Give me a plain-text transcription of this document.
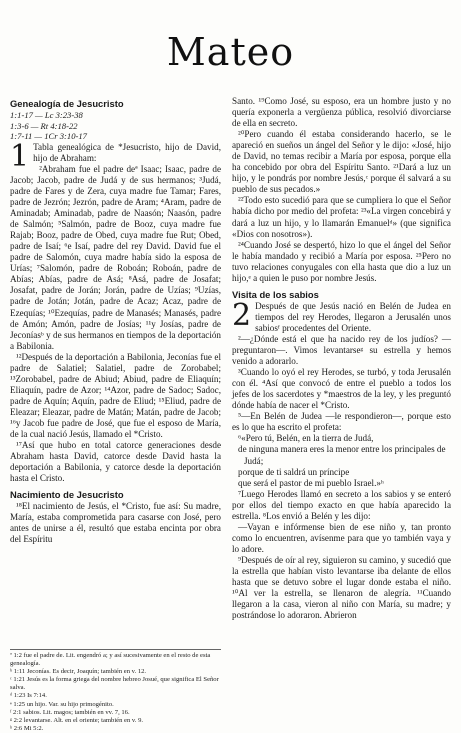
Mateo
Genealogía de Jesucristo
1:1-17 — Lc 3:23-38
1:3-6 — Rt 4:18-22
1:7-11 — 1Cr 3:10-17

1 Tabla genealógica de *Jesucristo, hijo de David, hijo de Abraham:

²Abraham fue el padre deª Isaac; Isaac, padre de Jacob; Jacob, padre de Judá y de sus hermanos; ³Judá, padre de Fares y de Zera, cuya madre fue Tamar; Fares, padre de Jezrón; Jezrón, padre de Aram; ⁴Aram, padre de Aminadab; Aminadab, padre de Naasón; Naasón, padre de Salmón; ⁵Salmón, padre de Booz, cuya madre fue Rajab; Booz, padre de Obed, cuya madre fue Rut; Obed, padre de Isaí; ⁶e Isaí, padre del rey David. David fue el padre de Salomón, cuya madre había sido la esposa de Urías; ⁷Salomón, padre de Roboán; Roboán, padre de Abías; Abías, padre de Asá; ⁸Asá, padre de Josafat; Josafat, padre de Jorán; Jorán, padre de Uzías; ⁹Uzías, padre de Jotán; Jotán, padre de Acaz; Acaz, padre de Ezequías; ¹⁰Ezequías, padre de Manasés; Manasés, padre de Amón; Amón, padre de Josías; ¹¹y Josías, padre de Jeconíasᵇ y de sus hermanos en tiempos de la deportación a Babilonia.

¹²Después de la deportación a Babilonia, Jeconías fue el padre de Salatiel; Salatiel, padre de Zorobabel; ¹³Zorobabel, padre de Abiud; Abiud, padre de Eliaquín; Eliaquín, padre de Azor; ¹⁴Azor, padre de Sadoc; Sadoc, padre de Aquín; Aquín, padre de Eliud; ¹⁵Eliud, padre de Eleazar; Eleazar, padre de Matán; Matán, padre de Jacob; ¹⁶y Jacob fue padre de José, que fue el esposo de María, de la cual nació Jesús, llamado el *Cristo.

¹⁷Así que hubo en total catorce generaciones desde Abraham hasta David, catorce desde David hasta la deportación a Babilonia, y catorce desde la deportación hasta el Cristo.

Nacimiento de Jesucristo

¹⁸El nacimiento de Jesús, el *Cristo, fue así: Su madre, María, estaba comprometida para casarse con José, pero antes de unirse a él, resultó que estaba encinta por obra del Espíritu

Santo. ¹⁹Como José, su esposo, era un hombre justo y no quería exponerla a vergüenza pública, resolvió divorciarse de ella en secreto.

²⁰Pero cuando él estaba considerando hacerlo, se le apareció en sueños un ángel del Señor y le dijo: «José, hijo de David, no temas recibir a María por esposa, porque ella ha concebido por obra del Espíritu Santo. ²¹Dará a luz un hijo, y le pondrás por nombre Jesús,ᶜ porque él salvará a su pueblo de sus pecados.»

²²Todo esto sucedió para que se cumpliera lo que el Señor había dicho por medio del profeta: ²³«La virgen concebirá y dará a luz un hijo, y lo llamarán Emanuelᵈ» (que significa «Dios con nosotros»).

²⁴Cuando José se despertó, hizo lo que el ángel del Señor le había mandado y recibió a María por esposa. ²⁵Pero no tuvo relaciones conyugales con ella hasta que dio a luz un hijo,ᵉ a quien le puso por nombre Jesús.

Visita de los sabios

2 Después de que Jesús nació en Belén de Judea en tiempos del rey Herodes, llegaron a Jerusalén unos sabiosᶠ procedentes del Oriente.

²—¿Dónde está el que ha nacido rey de los judíos? —preguntaron—. Vimos levantarseᵍ su estrella y hemos venido a adorarlo.

³Cuando lo oyó el rey Herodes, se turbó, y toda Jerusalén con él. ⁴Así que convocó de entre el pueblo a todos los jefes de los sacerdotes y *maestros de la ley, y les preguntó dónde había de nacer el *Cristo.

⁵—En Belén de Judea —le respondieron—, porque esto es lo que ha escrito el profeta:

⁶«Pero tú, Belén, en la tierra de Judá,
de ninguna manera eres la menor entre los principales de Judá;
porque de ti saldrá un príncipe
que será el pastor de mi pueblo Israel.»ʰ

⁷Luego Herodes llamó en secreto a los sabios y se enteró por ellos del tiempo exacto en que había aparecido la estrella. ⁸Los envió a Belén y les dijo:

—Vayan e infórmense bien de ese niño y, tan pronto como lo encuentren, avísenme para que yo también vaya y lo adore.

⁹Después de oír al rey, siguieron su camino, y sucedió que la estrella que habían visto levantarse iba delante de ellos hasta que se detuvo sobre el lugar donde estaba el niño. ¹⁰Al ver la estrella, se llenaron de alegría. ¹¹Cuando llegaron a la casa, vieron al niño con María, su madre; y postrándose lo adoraron. Abrieron

ª 1:2 fue el padre de. Lit. engendró a; y así sucesivamente en el resto de esta genealogía.
ᵇ 1:11 Jeconías. Es decir, Joaquín; también en v. 12.
ᶜ 1:21 Jesús es la forma griega del nombre hebreo Josué, que significa El Señor salva.
ᵈ 1:23 Is 7:14.
ᵉ 1:25 un hijo. Var. su hijo primogénito.
ᶠ 2:1 sabios. Lit. magos; también en vv. 7, 16.
ᵍ 2:2 levantarse. Alt. en el oriente; también en v. 9.
ʰ 2:6 Mi 5:2.
